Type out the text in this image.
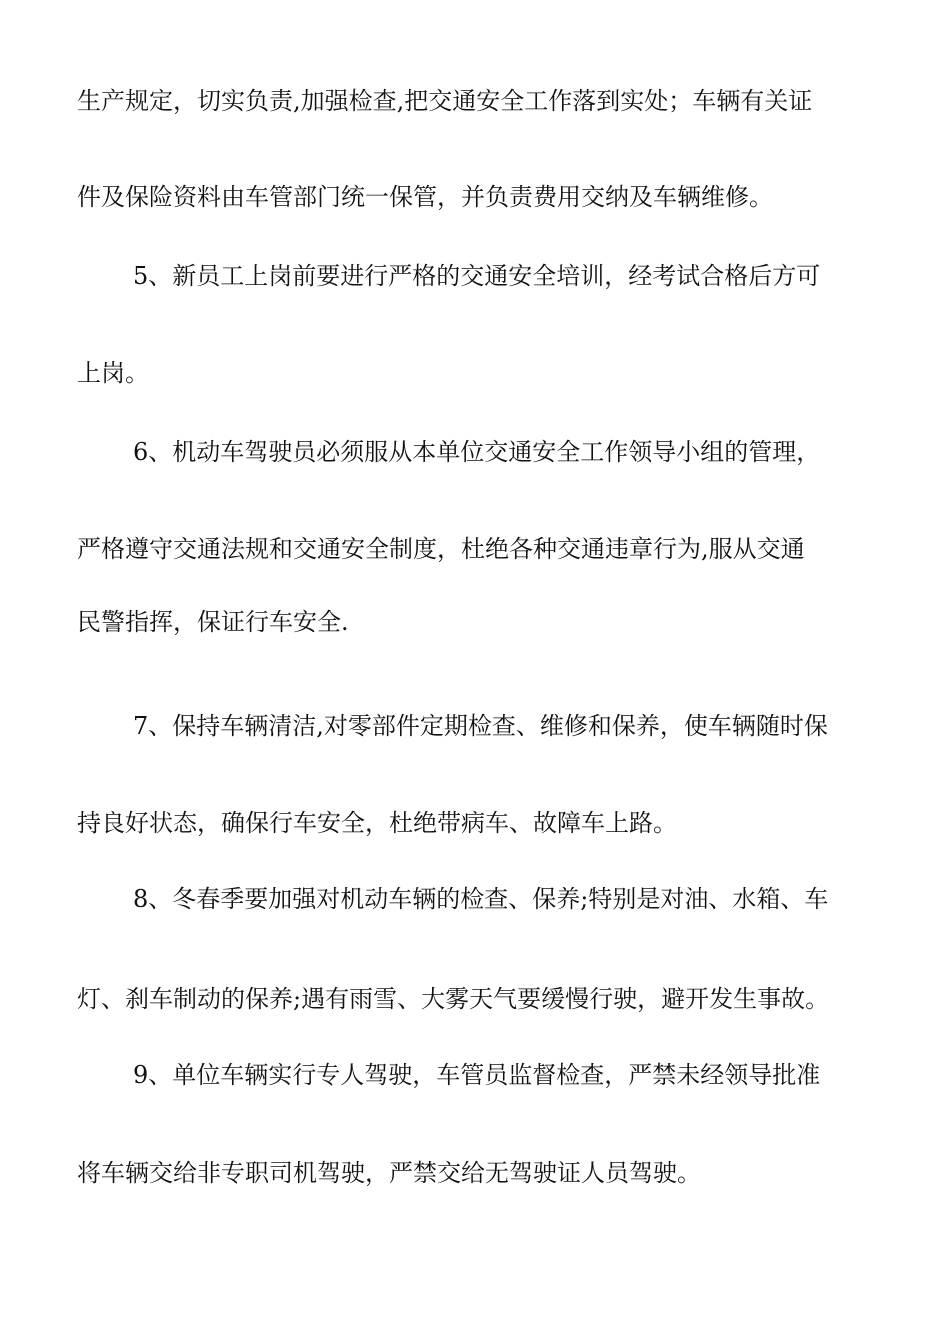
生产规定，切实负责,加强检查,把交通安全工作落到实处；车辆有关证
件及保险资料由车管部门统一保管，并负责费用交纳及车辆维修。
5、新员工上岗前要进行严格的交通安全培训，经考试合格后方可
上岗。
6、机动车驾驶员必须服从本单位交通安全工作领导小组的管理，
严格遵守交通法规和交通安全制度，杜绝各种交通违章行为,服从交通
民警指挥，保证行车安全.
7、保持车辆清洁,对零部件定期检查、维修和保养，使车辆随时保
持良好状态，确保行车安全，杜绝带病车、故障车上路。
8、冬春季要加强对机动车辆的检查、保养;特别是对油、水箱、车
灯、刹车制动的保养;遇有雨雪、大雾天气要缓慢行驶，避开发生事故。
9、单位车辆实行专人驾驶，车管员监督检查，严禁未经领导批准
将车辆交给非专职司机驾驶，严禁交给无驾驶证人员驾驶。
